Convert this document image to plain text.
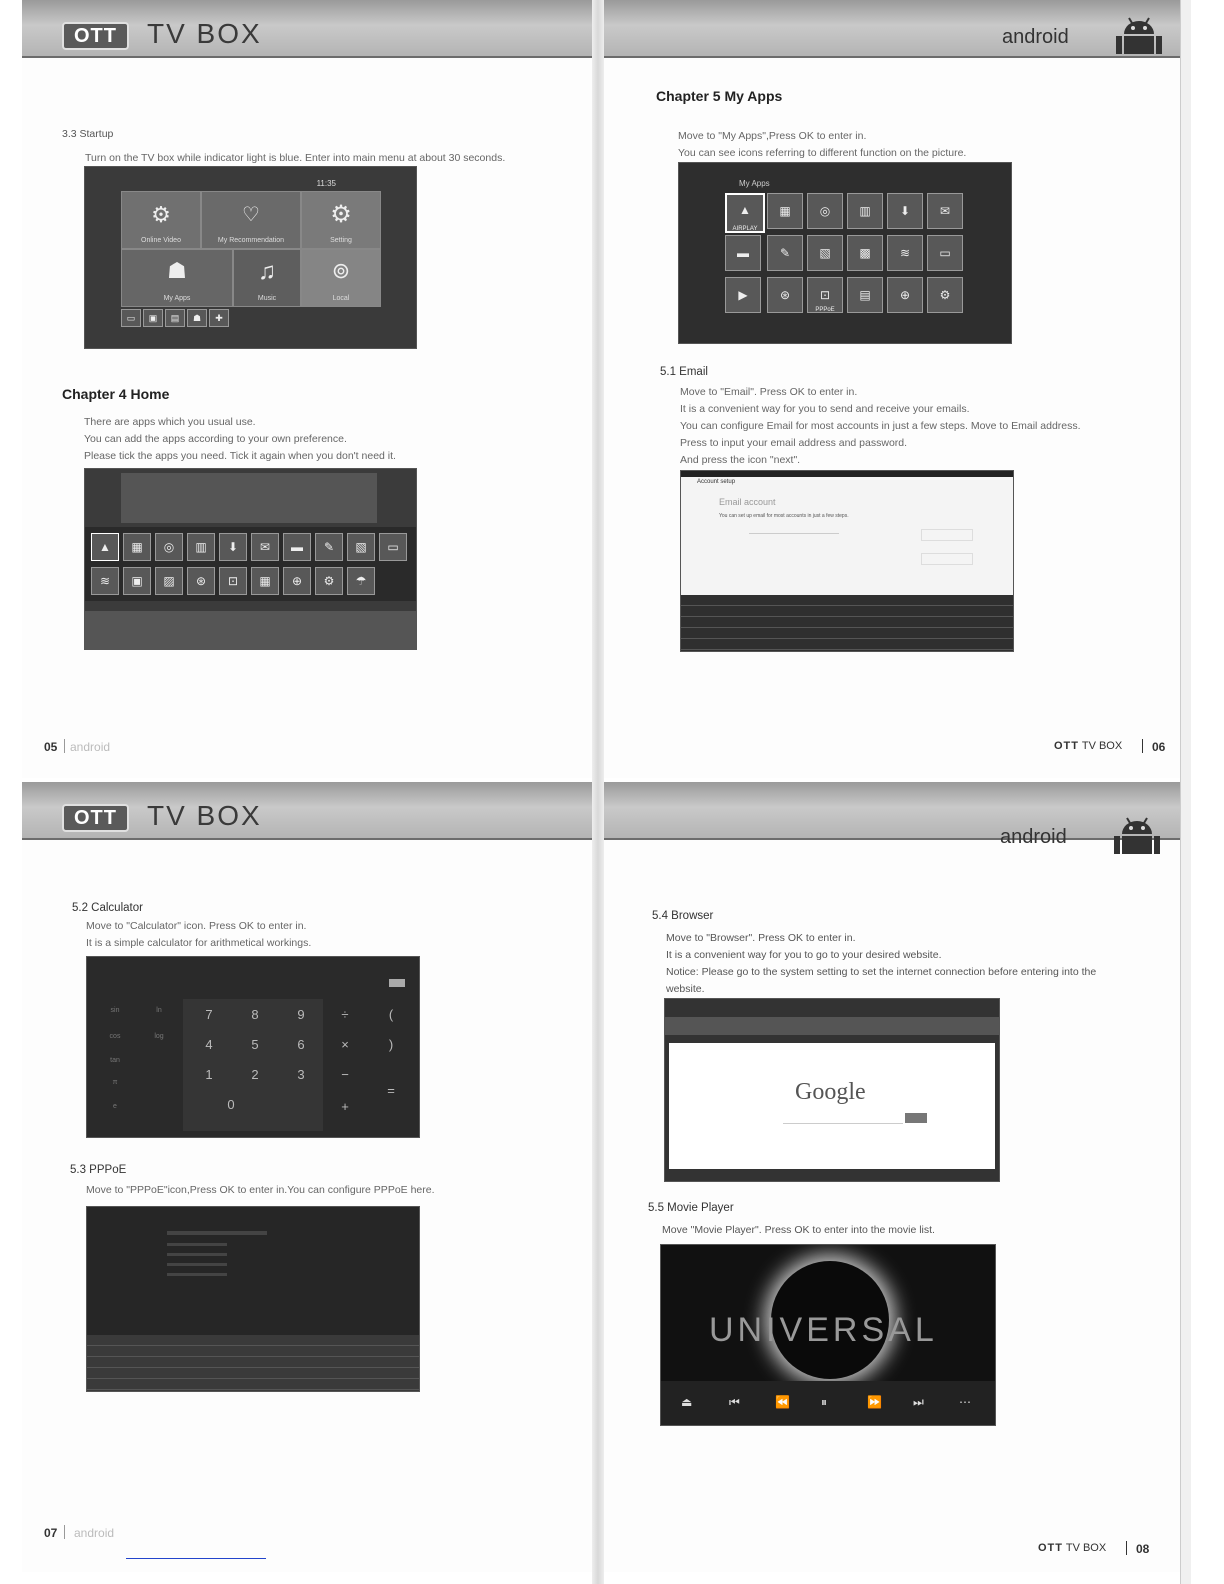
OTT	TV BOX
3.3 Startup
Turn on the TV box while indicator light is blue. Enter into main menu at about 30 seconds.
11:35
⚙
Online Video
♡
My Recommendation
⚙
Setting
☗
My Apps
♫
Music
⊚
Local
▭	▣	▤	☗	✚
Chapter 4 Home

There are apps which you usual use.

You can add the apps according to your own preference.

Please tick the apps you need. Tick it again when you don't need it.

▲	▦	◎	▥	⬇	✉	▬	✎	▧	▭
≋	▣	▨	⊛	⊡	▦	⊕	⚙	☂
05 android
android
Chapter 5 My Apps

Move to "My Apps",Press OK to enter in.

You can see icons referring to different function on the picture.

My Apps
▲
AIRPLAY
▦	◎	▥	⬇	✉
▬	✎	▧	▩	≋	▭
▶	⊛	⊡
PPPoE
▤	⊕	⚙
5.1 Email

Move to "Email". Press OK to enter in.

It is a convenient way for you to send and receive your emails.

You can configure Email for most accounts in just a few steps. Move to Email address.

Press to input your email address and password.

And press the icon "next".

Account setup
Email account
You can set up email for most accounts in just a few steps.
OTT TV BOX 06
OTT	TV BOX
5.2 Calculator

Move to "Calculator" icon. Press OK to enter in.

It is a simple calculator for arithmetical workings.

sin	ln
cos	log
tan
π
e
7	8	9	÷	(
4	5	6	×	)
1	2	3	−
=
0	+
5.3 PPPoE
Move to "PPPoE"icon,Press OK to enter in.You can configure PPPoE here.
07 android
android
5.4 Browser

Move to "Browser". Press OK to enter in.

It is a convenient way for you to go to your desired website.

Notice: Please go to the system setting to set the internet connection before entering into the website.

Google
5.5 Movie Player
Move "Movie Player". Press OK to enter into the movie list.
UNIVERSAL
⏏	⏮	⏪	⏸	⏩	⏭	⋯
OTT TV BOX 08
